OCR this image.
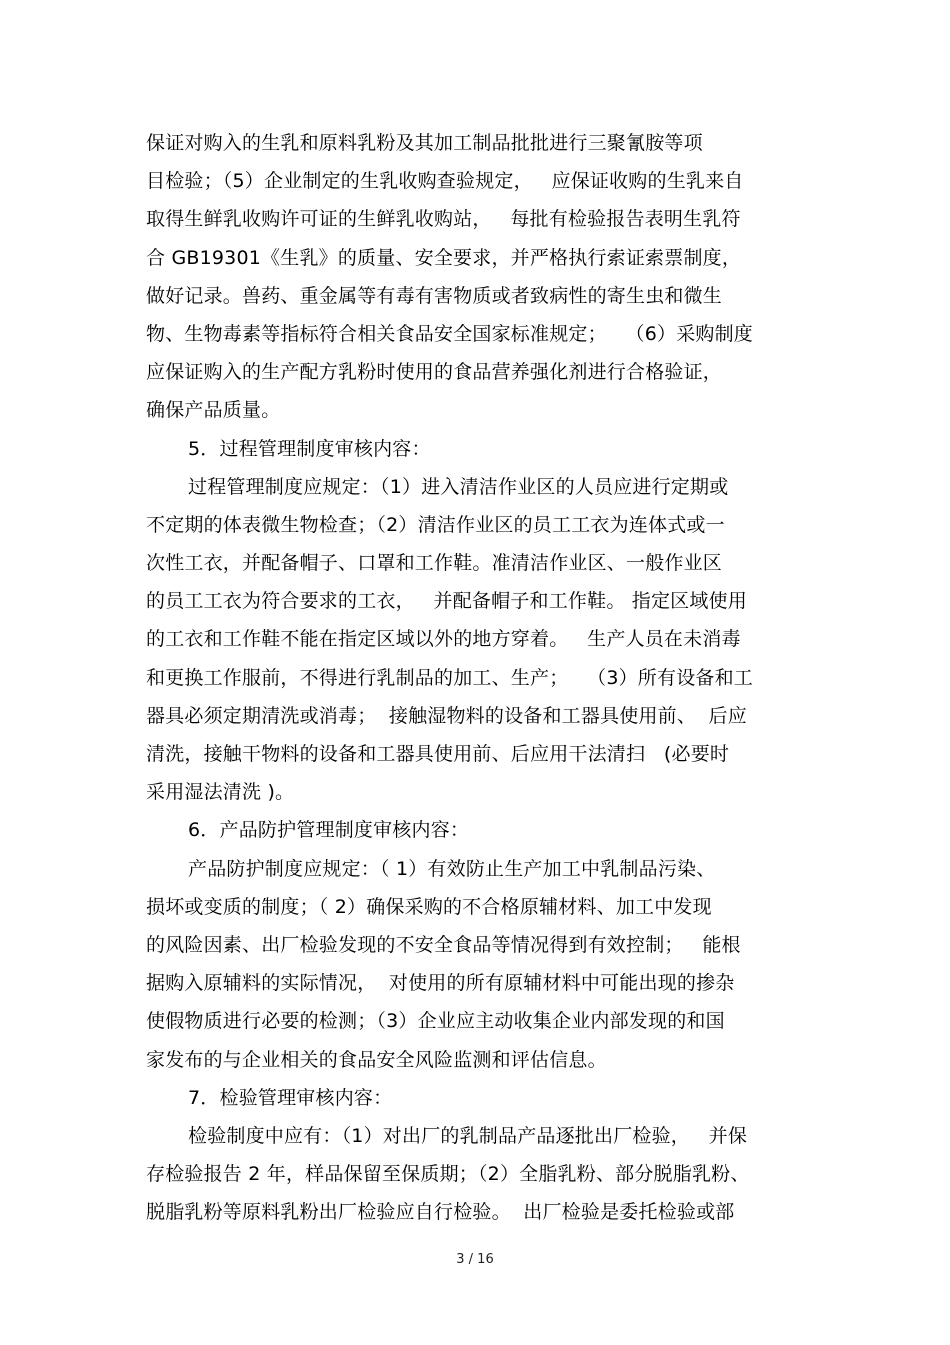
保证对购入的生乳和原料乳粉及其加工制品批批进行三聚氰胺等项
目检验；（5）企业制定的生乳收购查验规定，   应保证收购的生乳来自
取得生鲜乳收购许可证的生鲜乳收购站，   每批有检验报告表明生乳符
合 GB19301《生乳》的质量、安全要求，并严格执行索证索票制度，
做好记录。兽药、重金属等有毒有害物质或者致病性的寄生虫和微生
物、生物毒素等指标符合相关食品安全国家标准规定；   （6）采购制度
应保证购入的生产配方乳粉时使用的食品营养强化剂进行合格验证，
确保产品质量。
5．过程管理制度审核内容：
过程管理制度应规定：（1）进入清洁作业区的人员应进行定期或
不定期的体表微生物检查；（2）清洁作业区的员工工衣为连体式或一
次性工衣，并配备帽子、口罩和工作鞋。准清洁作业区、一般作业区
的员工工衣为符合要求的工衣，   并配备帽子和工作鞋。 指定区域使用
的工衣和工作鞋不能在指定区域以外的地方穿着。   生产人员在未消毒
和更换工作服前，不得进行乳制品的加工、生产；   （3）所有设备和工
器具必须定期清洗或消毒；  接触湿物料的设备和工器具使用前、  后应
清洗，接触干物料的设备和工器具使用前、后应用干法清扫   (必要时
采用湿法清洗 )。
6．产品防护管理制度审核内容：
产品防护制度应规定：（ 1）有效防止生产加工中乳制品污染、
损坏或变质的制度；（ 2）确保采购的不合格原辅材料、加工中发现
的风险因素、出厂检验发现的不安全食品等情况得到有效控制；   能根
据购入原辅料的实际情况，  对使用的所有原辅材料中可能出现的掺杂
使假物质进行必要的检测；（3）企业应主动收集企业内部发现的和国
家发布的与企业相关的食品安全风险监测和评估信息。
7．检验管理审核内容：
检验制度中应有：（1）对出厂的乳制品产品逐批出厂检验，   并保
存检验报告 2 年，样品保留至保质期；（2）全脂乳粉、部分脱脂乳粉、
脱脂乳粉等原料乳粉出厂检验应自行检验。  出厂检验是委托检验或部
3 / 16
